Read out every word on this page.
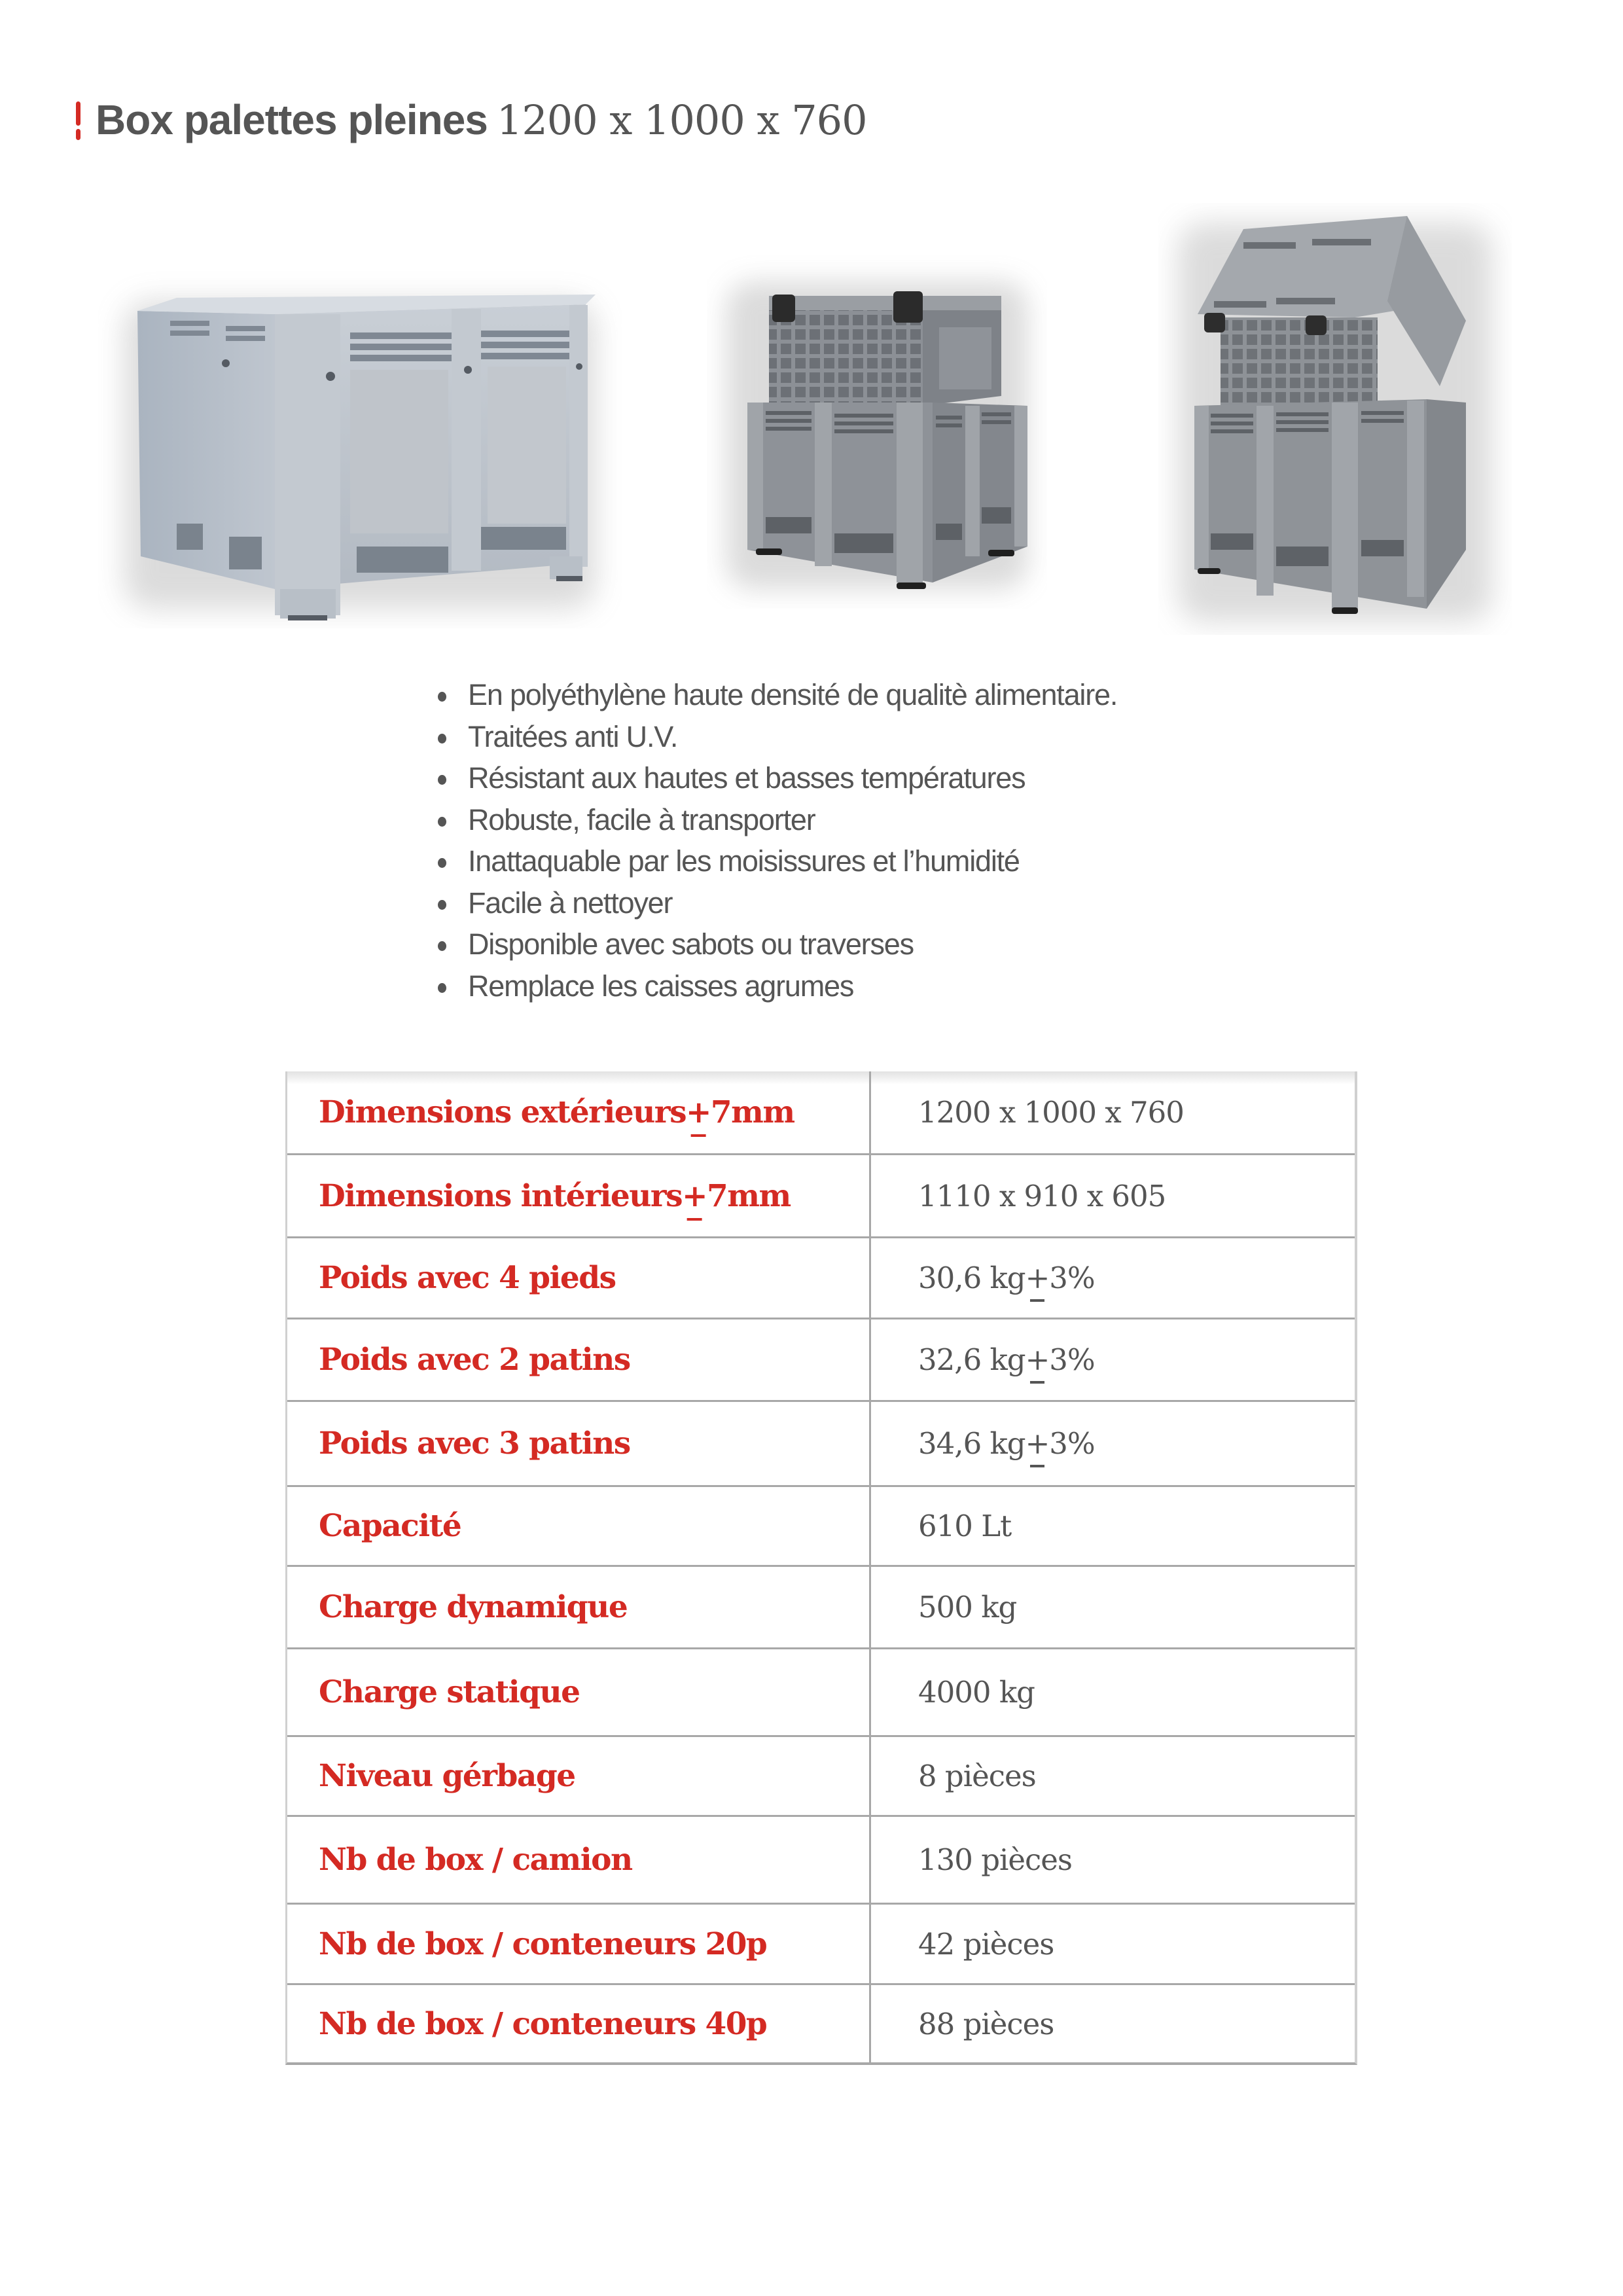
Box palettes pleines 1200 x 1000 x 760
En polyéthylène haute densité de qualitè alimentaire.
Traitées anti U.V.
Résistant aux hautes et basses températures
Robuste, facile à transporter
Inattaquable par les moisissures et l’humidité
Facile à nettoyer
Disponible avec sabots ou traverses
Remplace les caisses agrumes
Dimensions extérieurs + 7mm	1200 x 1000 x 760
Dimensions intérieurs + 7mm	1110 x 910 x 605
Poids avec 4 pieds	30,6 kg + 3%
Poids avec 2 patins	32,6 kg + 3%
Poids avec 3 patins	34,6 kg + 3%
Capacité	610 Lt
Charge dynamique	500 kg
Charge statique	4000 kg
Niveau gérbage	8 pièces
Nb de box / camion	130 pièces
Nb de box / conteneurs 20p	42 pièces
Nb de box / conteneurs 40p	88 pièces
